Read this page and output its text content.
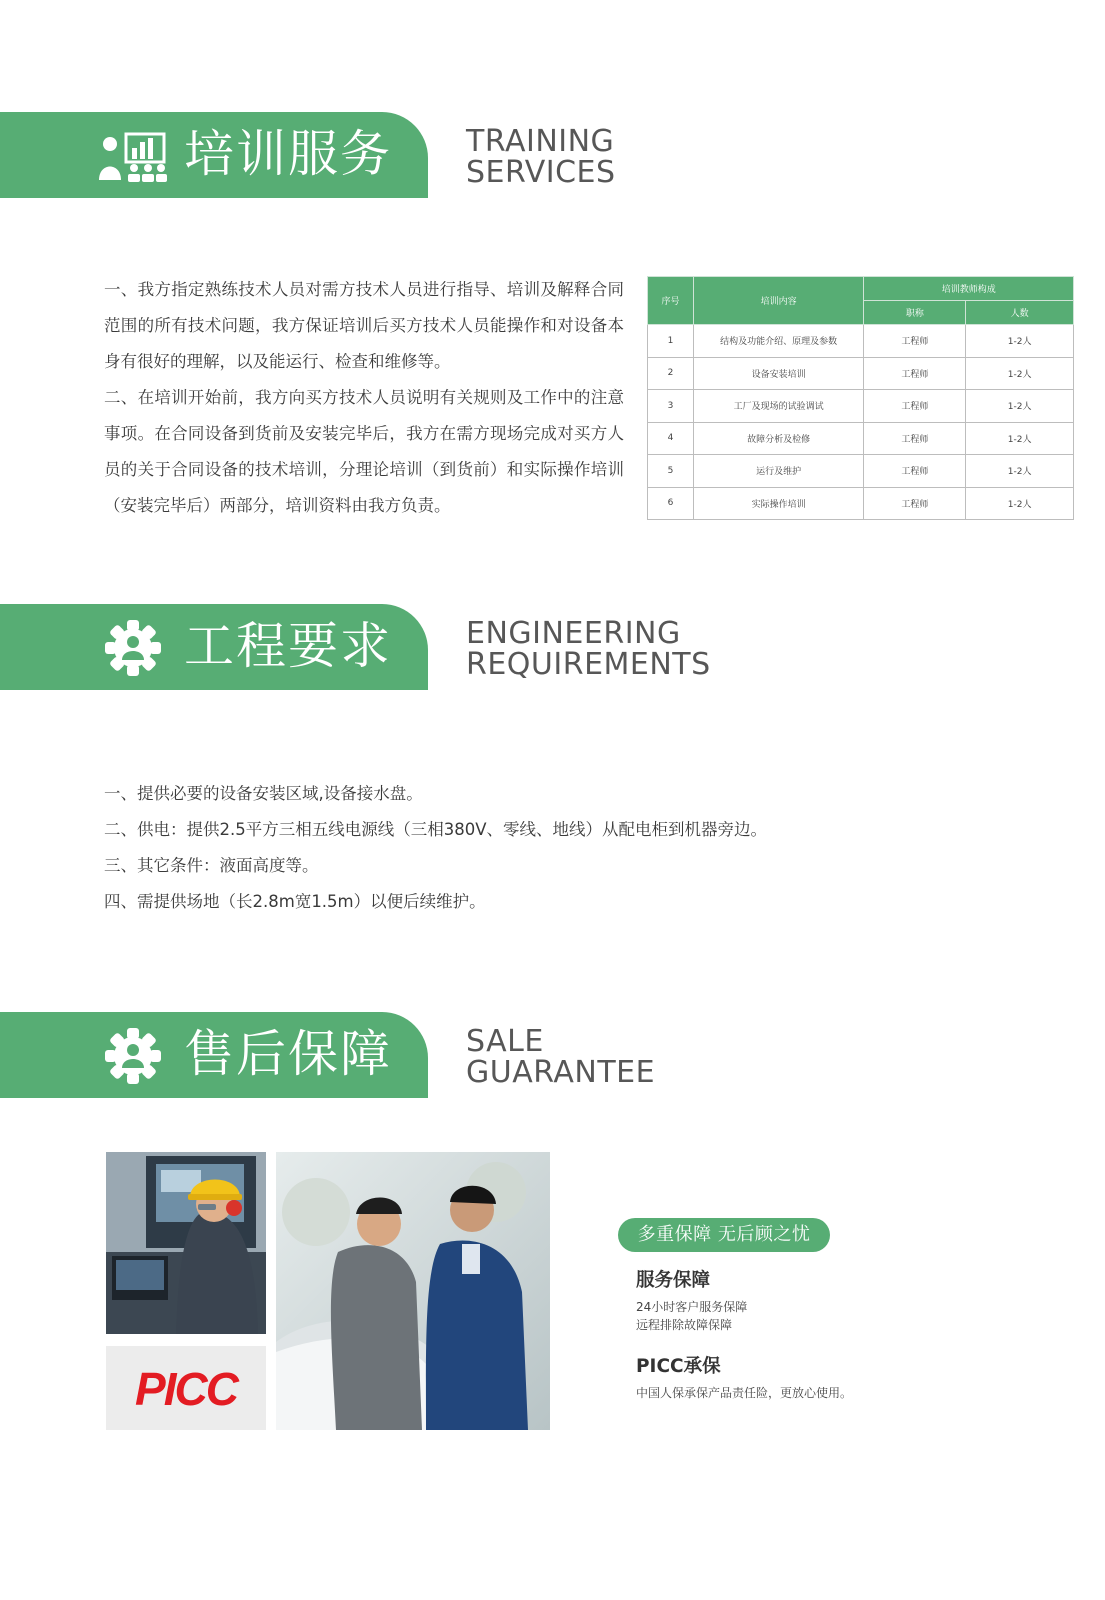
培训服务 TRAINING
SERVICES

一、我方指定熟练技术人员对需方技术人员进行指导、培训及解释合同范围的所有技术问题，我方保证培训后买方技术人员能操作和对设备本身有很好的理解，以及能运行、检查和维修等。

二、在培训开始前，我方向买方技术人员说明有关规则及工作中的注意事项。在合同设备到货前及安装完毕后，我方在需方现场完成对买方人员的关于合同设备的技术培训，分理论培训（到货前）和实际操作培训（安装完毕后）两部分，培训资料由我方负责。

序号	培训内容	培训教师构成	
		职称	人数
1	结构及功能介绍、原理及参数	工程师	1-2人
2	设备安装培训	工程师	1-2人
3	工厂及现场的试验调试	工程师	1-2人
4	故障分析及检修	工程师	1-2人
5	运行及维护	工程师	1-2人
6	实际操作培训	工程师	1-2人
工程要求 ENGINEERING
REQUIREMENTS
一、提供必要的设备安装区域,设备接水盘。
二、供电：提供2.5平方三相五线电源线（三相380V、零线、地线）从配电柜到机器旁边。
三、其它条件：液面高度等。
四、需提供场地（长2.8m宽1.5m）以便后续维护。
售后保障 SALE
GUARANTEE
PICC
多重保障 无后顾之忧
服务保障
24小时客户服务保障
远程排除故障保障
PICC承保
中国人保承保产品责任险，更放心使用。
